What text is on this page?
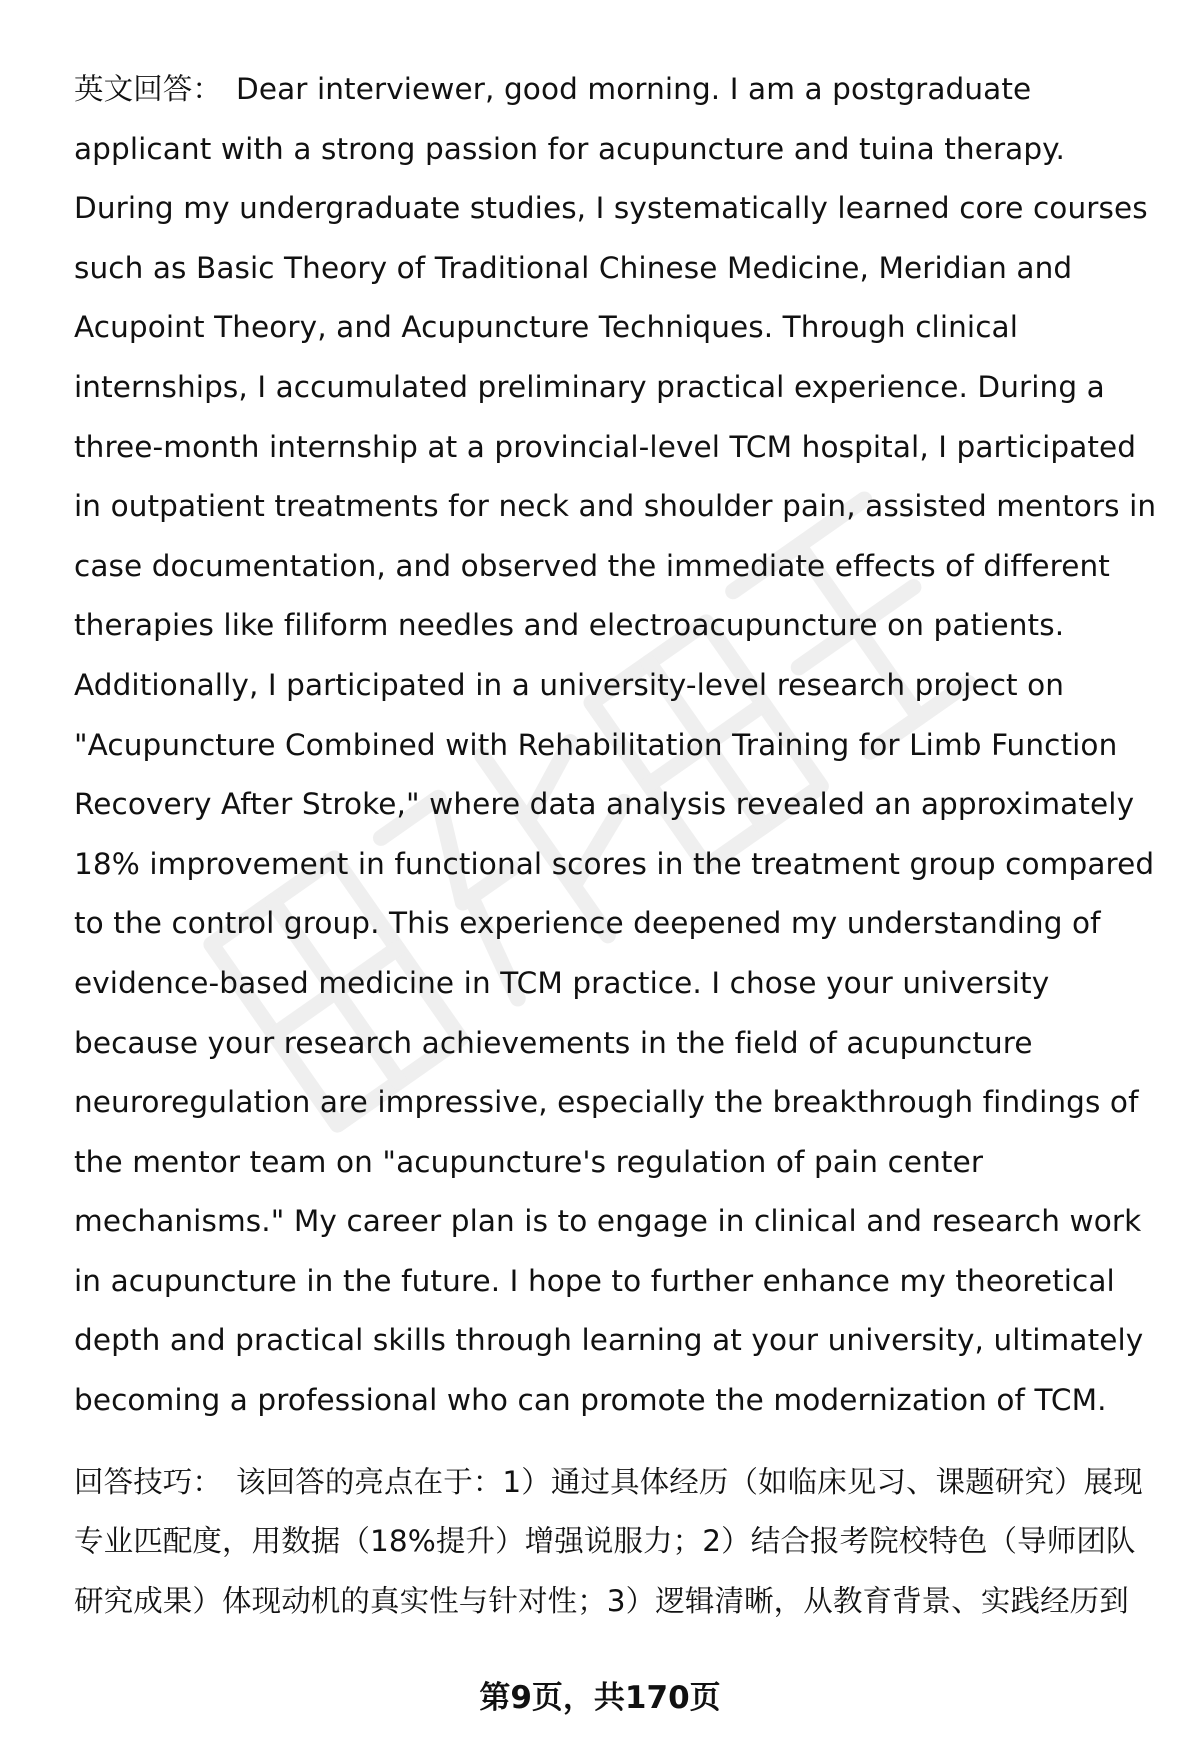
英文回答： Dear interviewer, good morning. I am a postgraduate applicant with a strong passion for acupuncture and tuina therapy. During my undergraduate studies, I systematically learned core courses such as Basic Theory of Traditional Chinese Medicine, Meridian and Acupoint Theory, and Acupuncture Techniques. Through clinical internships, I accumulated preliminary practical experience. During a three-month internship at a provincial-level TCM hospital, I participated in outpatient treatments for neck and shoulder pain, assisted mentors in case documentation, and observed the immediate effects of different therapies like filiform needles and electroacupuncture on patients. Additionally, I participated in a university-level research project on "Acupuncture Combined with Rehabilitation Training for Limb Function Recovery After Stroke," where data analysis revealed an approximately 18% improvement in functional scores in the treatment group compared to the control group. This experience deepened my understanding of evidence-based medicine in TCM practice. I chose your university because your research achievements in the field of acupuncture neuroregulation are impressive, especially the breakthrough findings of the mentor team on "acupuncture's regulation of pain center mechanisms." My career plan is to engage in clinical and research work in acupuncture in the future. I hope to further enhance my theoretical depth and practical skills through learning at your university, ultimately becoming a professional who can promote the modernization of TCM.

回答技巧： 该回答的亮点在于：1）通过具体经历（如临床见习、课题研究）展现专业匹配度，用数据（18%提升）增强说服力；2）结合报考院校特色（导师团队研究成果）体现动机的真实性与针对性；3）逻辑清晰，从教育背景、实践经历到

第9页，共170页
